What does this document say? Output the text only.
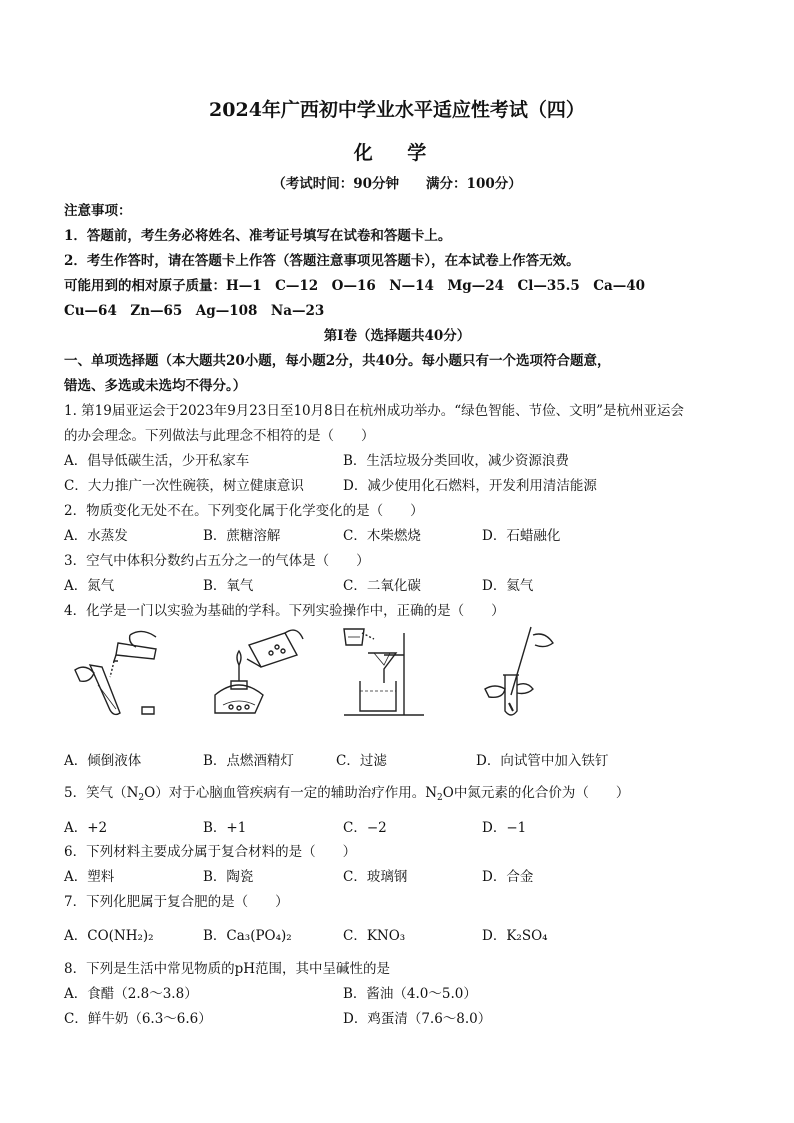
2024年广西初中学业水平适应性考试（四）
化 学
（考试时间：90分钟　　满分：100分）
注意事项：
1．答题前，考生务必将姓名、准考证号填写在试卷和答题卡上。
2．考生作答时，请在答题卡上作答（答题注意事项见答题卡），在本试卷上作答无效。
可能用到的相对原子质量：H—1　C—12　O—16　N—14　Mg—24　Cl—35.5　Ca—40
Cu—64　Zn—65　Ag—108　Na—23
第Ⅰ卷（选择题共40分）
一、单项选择题（本大题共20小题，每小题2分，共40分。每小题只有一个选项符合题意，
错选、多选或未选均不得分。）
1. 第19届亚运会于2023年9月23日至10月8日在杭州成功举办。“绿色智能、节俭、文明”是杭州亚运会
的办会理念。下列做法与此理念不相符的是（　　）
A．倡导低碳生活，少开私家车	B．生活垃圾分类回收，减少资源浪费
C．大力推广一次性碗筷，树立健康意识	D．减少使用化石燃料，开发利用清洁能源
2．物质变化无处不在。下列变化属于化学变化的是（　　）
A．水蒸发	B．蔗糖溶解	C．木柴燃烧	D．石蜡融化
3．空气中体积分数约占五分之一的气体是（　　）
A．氮气	B．氧气	C．二氧化碳	D．氦气
4．化学是一门以实验为基础的学科。下列实验操作中，正确的是（　　）
A．倾倒液体	B．点燃酒精灯	C．过滤	D．向试管中加入铁钉
5．笑气$(N_2O)$对于心脑血管疾病有一定的辅助治疗作用。$N_2O$中氮元素的化合价为（　　）
A．+2	B．+1	C．−2	D．−1
6．下列材料主要成分属于复合材料的是（　　）
A．塑料	B．陶瓷	C．玻璃钢	D．合金
7．下列化肥属于复合肥的是（　　）
A．CO(NH₂)₂	B．Ca₃(PO₄)₂	C．KNO₃	D．K₂SO₄
8．下列是生活中常见物质的pH范围，其中呈碱性的是
A．食醋（2.8～3.8）	B．酱油（4.0～5.0）
C．鲜牛奶（6.3～6.6）	D．鸡蛋清（7.6～8.0）
